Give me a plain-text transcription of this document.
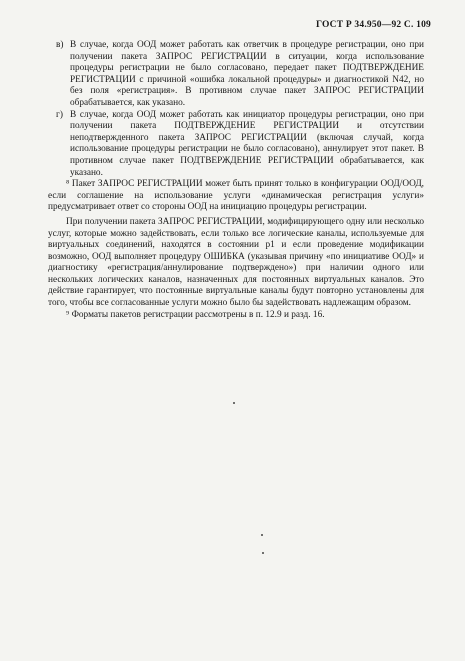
ГОСТ Р 34.950—92 С. 109
в) В случае, когда ООД может работать как ответчик в процедуре регистрации, оно при получении пакета ЗАПРОС РЕГИСТРАЦИИ в ситуации, когда использование процедуры регистрации не было согласовано, передает пакет ПОДТВЕРЖДЕНИЕ РЕГИСТРАЦИИ с причиной «ошибка локальной процедуры» и диагностикой N42, но без поля «регистрация». В противном случае пакет ЗАПРОС РЕГИСТРАЦИИ обрабатывается, как указано.

г) В случае, когда ООД может работать как инициатор процедуры регистрации, оно при получении пакета ПОДТВЕРЖДЕНИЕ РЕГИСТРАЦИИ и отсутствии неподтвержденного пакета ЗАПРОС РЕГИСТРАЦИИ (включая случай, когда использование процедуры регистрации не было согласовано), аннулирует этот пакет. В противном случае пакет ПОДТВЕРЖДЕНИЕ РЕГИСТРАЦИИ обрабатывается, как указано.

⁸ Пакет ЗАПРОС РЕГИСТРАЦИИ может быть принят только в конфигурации ООД/ООД, если соглашение на использование услуги «динамическая регистрация услуги» предусматривает ответ со стороны ООД на инициацию процедуры регистрации.

При получении пакета ЗАПРОС РЕГИСТРАЦИИ, модифицирующего одну или несколько услуг, которые можно задействовать, если только все логические каналы, используемые для виртуальных соединений, находятся в состоянии p1 и если проведение модификации возможно, ООД выполняет процедуру ОШИБКА (указывая причину «по инициативе ООД» и диагностику «регистрация/аннулирование подтверждено») при наличии одного или нескольких логических каналов, назначенных для постоянных виртуальных каналов. Это действие гарантирует, что постоянные виртуальные каналы будут повторно установлены для того, чтобы все согласованные услуги можно было бы задействовать надлежащим образом.

⁹ Форматы пакетов регистрации рассмотрены в п. 12.9 и разд. 16.
